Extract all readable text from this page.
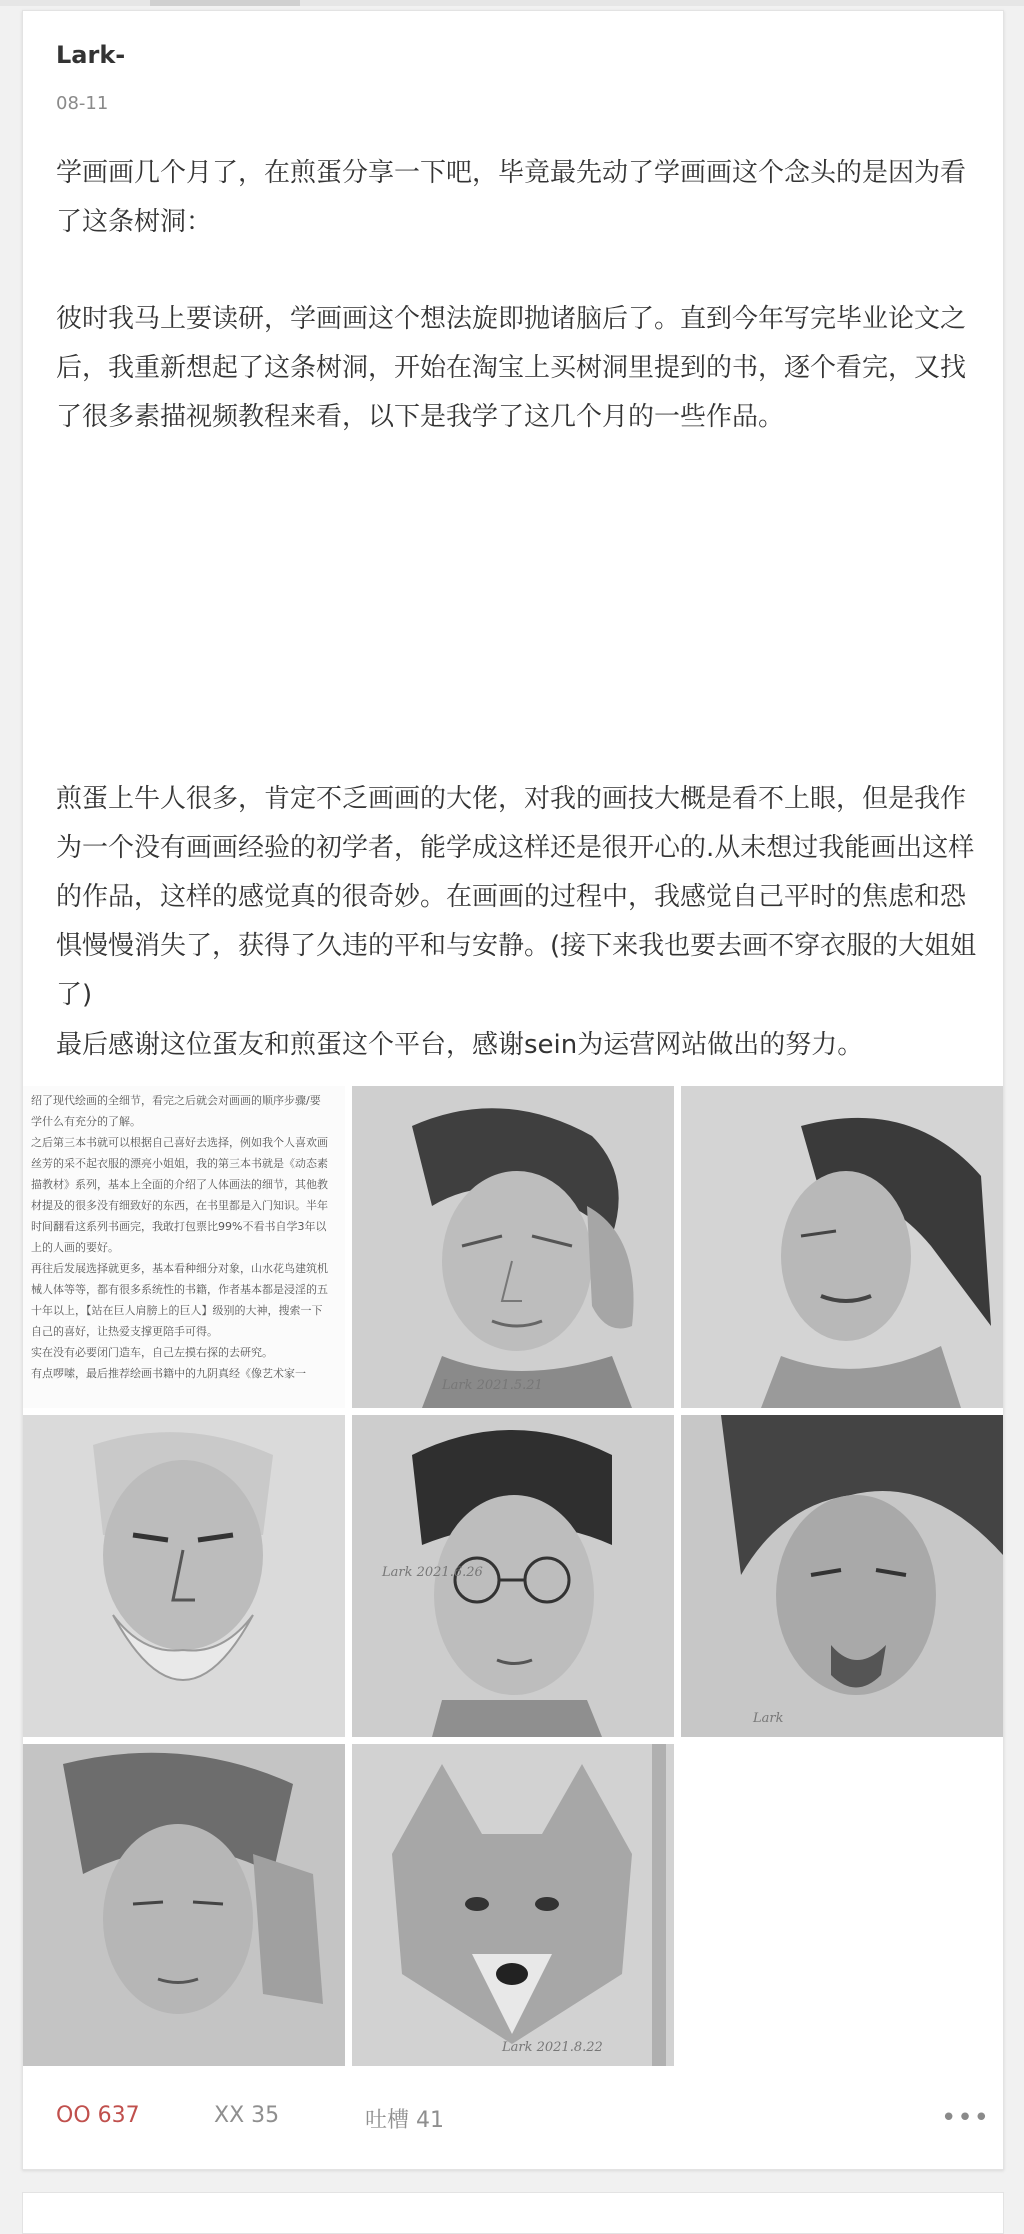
Lark-
08-11

学画画几个月了，在煎蛋分享一下吧，毕竟最先动了学画画这个念头的是因为看了这条树洞：

彼时我马上要读研，学画画这个想法旋即抛诸脑后了。直到今年写完毕业论文之后，我重新想起了这条树洞，开始在淘宝上买树洞里提到的书，逐个看完，又找了很多素描视频教程来看，以下是我学了这几个月的一些作品。

煎蛋上牛人很多，肯定不乏画画的大佬，对我的画技大概是看不上眼，但是我作为一个没有画画经验的初学者，能学成这样还是很开心的.从未想过我能画出这样的作品，这样的感觉真的很奇妙。在画画的过程中，我感觉自己平时的焦虑和恐惧慢慢消失了，获得了久违的平和与安静。(接下来我也要去画不穿衣服的大姐姐了)

最后感谢这位蛋友和煎蛋这个平台，感谢sein为运营网站做出的努力。

绍了现代绘画的全细节，看完之后就会对画画的顺序步骤/要学什么有充分的了解。
之后第三本书就可以根据自己喜好去选择，例如我个人喜欢画丝芳的采不起衣服的漂亮小姐姐，我的第三本书就是《动态素描教材》系列，基本上全面的介绍了人体画法的细节，其他教材提及的很多没有细致好的东西，在书里都是入门知识。半年时间翻看这系列书画完，我敢打包票比99%不看书自学3年以上的人画的要好。
再往后发展选择就更多，基本看种细分对象，山水花鸟建筑机械人体等等，都有很多系统性的书籍，作者基本都是浸淫的五十年以上，【站在巨人肩膀上的巨人】级别的大神，搜索一下自己的喜好，让热爱支撑更陪手可得。
实在没有必要闭门造车，自己左摸右探的去研究。
有点啰嗦，最后推荐绘画书籍中的九阴真经《像艺术家一

Lark 2021.5.21
Lark 2021.6.26
Lark
Lark 2021.8.22
OO 637	XX 35	吐槽 41	•••
